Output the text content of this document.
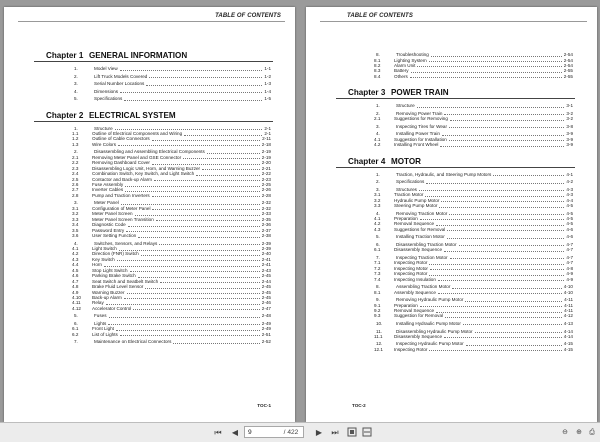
TABLE OF CONTENTS
Chapter 1 GENERAL INFORMATION
1.	Model View	1-1
2.	Lift Truck Models Covered	1-2
3.	Serial Number Locations	1-3
4.	Dimensions	1-4
5.	Specifications	1-5
Chapter 2 ELECTRICAL SYSTEM
1.	Structure	2-1
1.1	Outline of Electrical Components and Wiring	2-1
1.2	Outline of Cable Connectors	2-11
1.3	Wire Colors	2-18
2.	Disassembling and Assembling Electrical Components	2-19
2.1	Removing Meter Panel and GSE Connector	2-19
2.2	Removing Dashboard Cover	2-20
2.3	Disassembling Logic Unit, Horn, and Warning Buzzer	2-21
2.4	Combination Switch, Key Switch, and Light Switch	2-22
2.5	Contactor and Back-up Alarm	2-23
2.6	Fuse Assembly	2-25
2.7	Inverter Cables	2-26
2.8	Pump and Traction Inverters	2-28
3.	Meter Panel	2-32
3.1	Configuration of Meter Panel	2-32
3.2	Meter Panel Screen	2-33
3.3	Meter Panel Screen Transition	2-35
3.4	Diagnostic Code	2-36
3.5	Password Entry	2-37
3.6	User Setting Function	2-38
4.	Switches, Sensors, and Relays	2-39
4.1	Light Switch	2-39
4.2	Direction (FNR) Switch	2-40
4.3	Key Switch	2-41
4.4	Horn	2-41
4.5	Stop Light Switch	2-43
4.6	Parking Brake Switch	2-45
4.7	Seat Switch and Seatbelt Switch	2-44
4.8	Brake Fluid Level Sensor	2-45
4.9	Warning Buzzer	2-45
4.10 Back-up Alarm	2-45
4.11 Relay	2-46
4.12 Accelerator Control	2-47
5.	Fuses	2-48
6.	Lights	2-49
6.1	Front Light	2-49
6.2	List of Lights	2-51
7.	Maintenance on Electrical Connectors	2-52
TOC-1
TABLE OF CONTENTS
8.	Troubleshooting	2-54
8.1	Lighting System	2-54
8.2	Alarm Unit	2-54
8.3	Battery	2-55
8.4	Others	2-55
Chapter 3 POWER TRAIN
1.	Structure	3-1
2.	Removing Power Train	3-2
2.1	Suggestions for Removing	3-2
3.	Inspecting Tires for Wear	3-8
4.	Installing Power Train	3-9
4.1	Suggestion for Installation	3-9
4.2	Installing Front Wheel	3-9
Chapter 4 MOTOR
1.	Traction, Hydraulic, and Steering Pump Motors	4-1
2.	Specifications	4-2
3.	Structures	4-3
3.1	Traction Motor	4-3
3.2	Hydraulic Pump Motor	4-4
3.3	Steering Pump Motor	4-5
4.	Removing Traction Motor	4-5
4.1	Preparation	4-5
4.2	Removal Sequence	4-5
4.3	Suggestions for Removal	4-6
5.	Installing Traction Motor	4-6
6.	Disassembling Traction Motor	4-7
6.1	Disassembly Sequence	4-7
7.	Inspecting Traction Motor	4-7
7.1	Inspecting Rotor	4-7
7.2	Inspecting Motor	4-8
7.3	Inspecting Rotor	4-9
7.4	Inspecting Insulation	4-9
8.	Assembling Traction Motor	4-10
8.1	Assembly Sequence	4-10
9.	Removing Hydraulic Pump Motor	4-11
9.1	Preparation	4-11
9.2	Removal Sequence	4-11
9.3	Suggestion for Removal	4-12
10.	Installing Hydraulic Pump Motor	4-13
11.	Disassembling Hydraulic Pump Motor	4-14
11.1 Disassembly Sequence	4-14
12.	Inspecting Hydraulic Pump Motor	4-15
12.1 Inspecting Rotor	4-15
TOC-2
⏮	◀	9	/ 422	▶ ⏭	⊖	⊕	⎙
